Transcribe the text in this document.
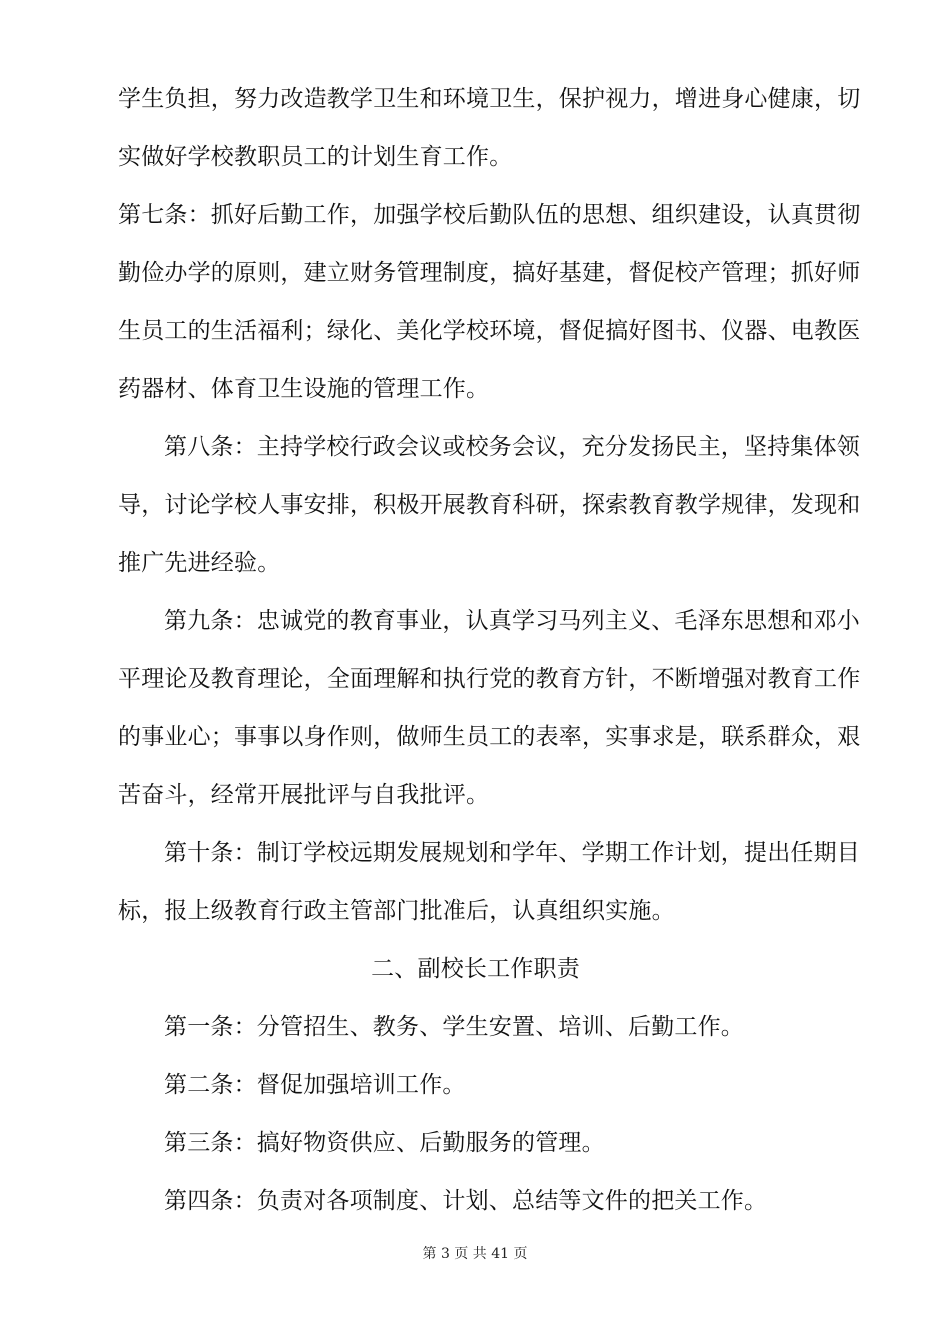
学生负担，努力改造教学卫生和环境卫生，保护视力，增进身心健康，切
实做好学校教职员工的计划生育工作。
第七条：抓好后勤工作，加强学校后勤队伍的思想、组织建设，认真贯彻
勤俭办学的原则，建立财务管理制度，搞好基建，督促校产管理；抓好师
生员工的生活福利；绿化、美化学校环境，督促搞好图书、仪器、电教医
药器材、体育卫生设施的管理工作。
第八条：主持学校行政会议或校务会议，充分发扬民主，坚持集体领
导，讨论学校人事安排，积极开展教育科研，探索教育教学规律，发现和
推广先进经验。
第九条：忠诚党的教育事业，认真学习马列主义、毛泽东思想和邓小
平理论及教育理论，全面理解和执行党的教育方针，不断增强对教育工作
的事业心；事事以身作则，做师生员工的表率，实事求是，联系群众，艰
苦奋斗，经常开展批评与自我批评。
第十条：制订学校远期发展规划和学年、学期工作计划，提出任期目
标，报上级教育行政主管部门批准后，认真组织实施。
二、副校长工作职责
第一条：分管招生、教务、学生安置、培训、后勤工作。
第二条：督促加强培训工作。
第三条：搞好物资供应、后勤服务的管理。
第四条：负责对各项制度、计划、总结等文件的把关工作。
第 3 页 共 41 页
